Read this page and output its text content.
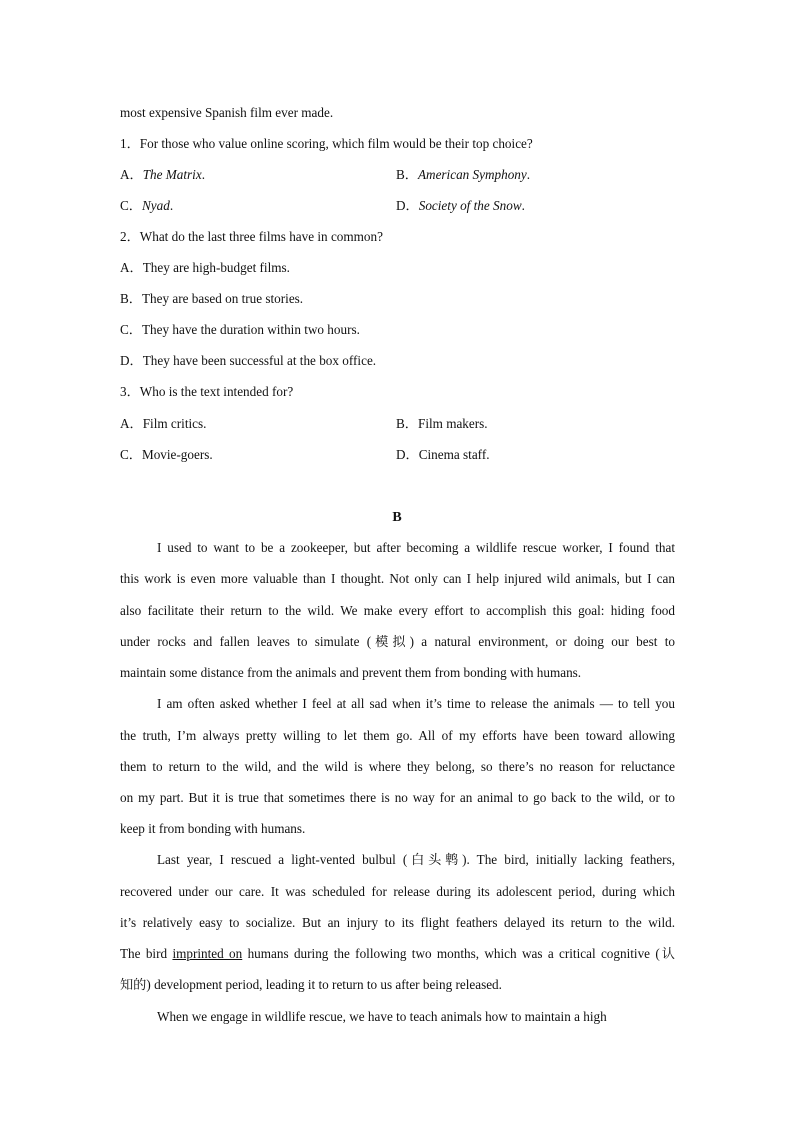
most expensive Spanish film ever made.
1．For those who value online scoring, which film would be their top choice?
A．The Matrix.	B．American Symphony.
C．Nyad.	D．Society of the Snow.
2．What do the last three films have in common?
A．They are high-budget films.
B．They are based on true stories.
C．They have the duration within two hours.
D．They have been successful at the box office.
3．Who is the text intended for?
A．Film critics.	B．Film makers.
C．Movie-goers.	D．Cinema staff.
B
I used to want to be a zookeeper, but after becoming a wildlife rescue worker, I found that
this work is even more valuable than I thought. Not only can I help injured wild animals, but I can
also facilitate their return to the wild. We make every effort to accomplish this goal: hiding food
under rocks and fallen leaves to simulate (模拟) a natural environment, or doing our best to
maintain some distance from the animals and prevent them from bonding with humans.
I am often asked whether I feel at all sad when it’s time to release the animals — to tell you
the truth, I’m always pretty willing to let them go. All of my efforts have been toward allowing
them to return to the wild, and the wild is where they belong, so there’s no reason for reluctance
on my part. But it is true that sometimes there is no way for an animal to go back to the wild, or to
keep it from bonding with humans.
Last year, I rescued a light-vented bulbul (白头鹎). The bird, initially lacking feathers,
recovered under our care. It was scheduled for release during its adolescent period, during which
it’s relatively easy to socialize. But an injury to its flight feathers delayed its return to the wild.
The bird imprinted on humans during the following two months, which was a critical cognitive (认
知的) development period, leading it to return to us after being released.
When we engage in wildlife rescue, we have to teach animals how to maintain a high
